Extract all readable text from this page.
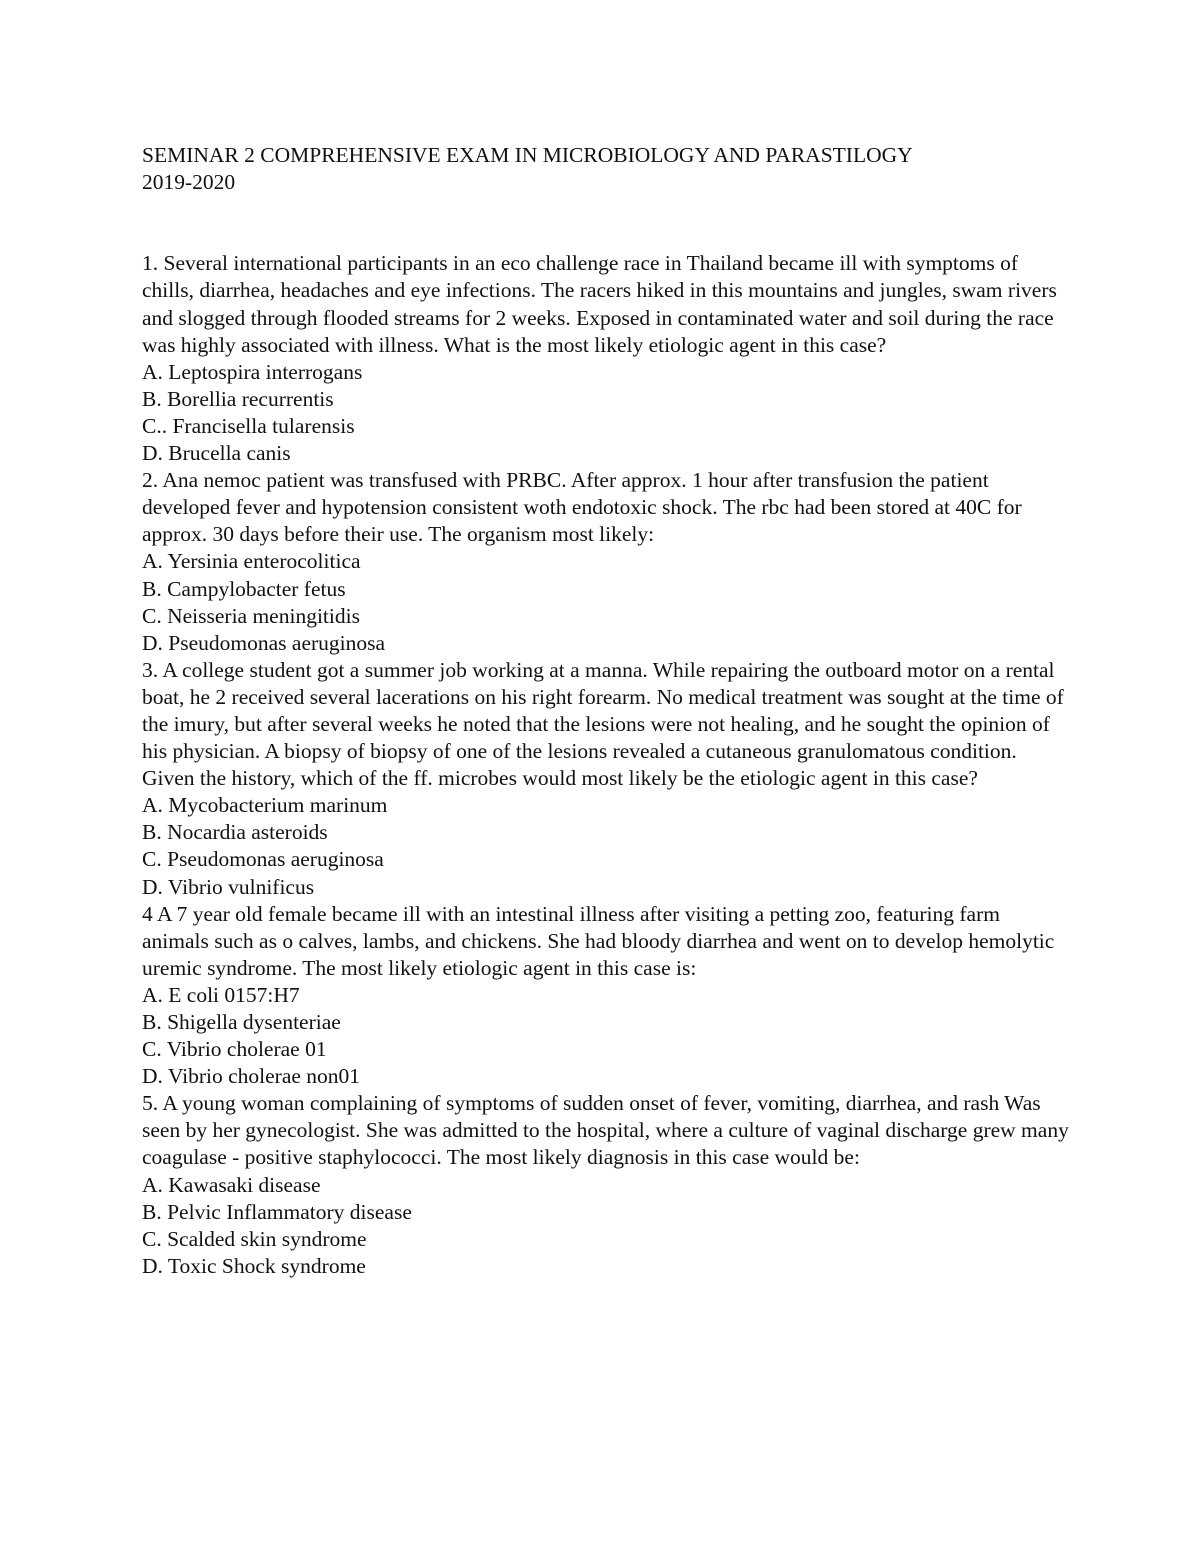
SEMINAR 2 COMPREHENSIVE EXAM IN MICROBIOLOGY AND PARASTILOGY

2019-2020

1. Several international participants in an eco challenge race in Thailand became ill with symptoms of chills, diarrhea, headaches and eye infections. The racers hiked in this mountains and jungles, swam rivers and slogged through flooded streams for 2 weeks. Exposed in contaminated water and soil during the race was highly associated with illness. What is the most likely etiologic agent in this case?

A. Leptospira interrogans

B. Borellia recurrentis

C.. Francisella tularensis

D. Brucella canis

2. Ana nemoc patient was transfused with PRBC. After approx. 1 hour after transfusion the patient developed fever and hypotension consistent woth endotoxic shock. The rbc had been stored at 40C for approx. 30 days before their use. The organism most likely:

A. Yersinia enterocolitica

B. Campylobacter fetus

C. Neisseria meningitidis

D. Pseudomonas aeruginosa

3. A college student got a summer job working at a manna. While repairing the outboard motor on a rental boat, he 2 received several lacerations on his right forearm. No medical treatment was sought at the time of the imury, but after several weeks he noted that the lesions were not healing, and he sought the opinion of his physician. A biopsy of biopsy of one of the lesions revealed a cutaneous granulomatous condition. Given the history, which of the ff. microbes would most likely be the etiologic agent in this case?

A. Mycobacterium marinum

B. Nocardia asteroids

C. Pseudomonas aeruginosa

D. Vibrio vulnificus

4 A 7 year old female became ill with an intestinal illness after visiting a petting zoo, featuring farm animals such as o calves, lambs, and chickens. She had bloody diarrhea and went on to develop hemolytic uremic syndrome. The most likely etiologic agent in this case is:

A. E coli 0157:H7

B. Shigella dysenteriae

C. Vibrio cholerae 01

D. Vibrio cholerae non01

5. A young woman complaining of symptoms of sudden onset of fever, vomiting, diarrhea, and rash Was seen by her gynecologist. She was admitted to the hospital, where a culture of vaginal discharge grew many coagulase - positive staphylococci. The most likely diagnosis in this case would be:

A. Kawasaki disease

B. Pelvic Inflammatory disease

C. Scalded skin syndrome

D. Toxic Shock syndrome
